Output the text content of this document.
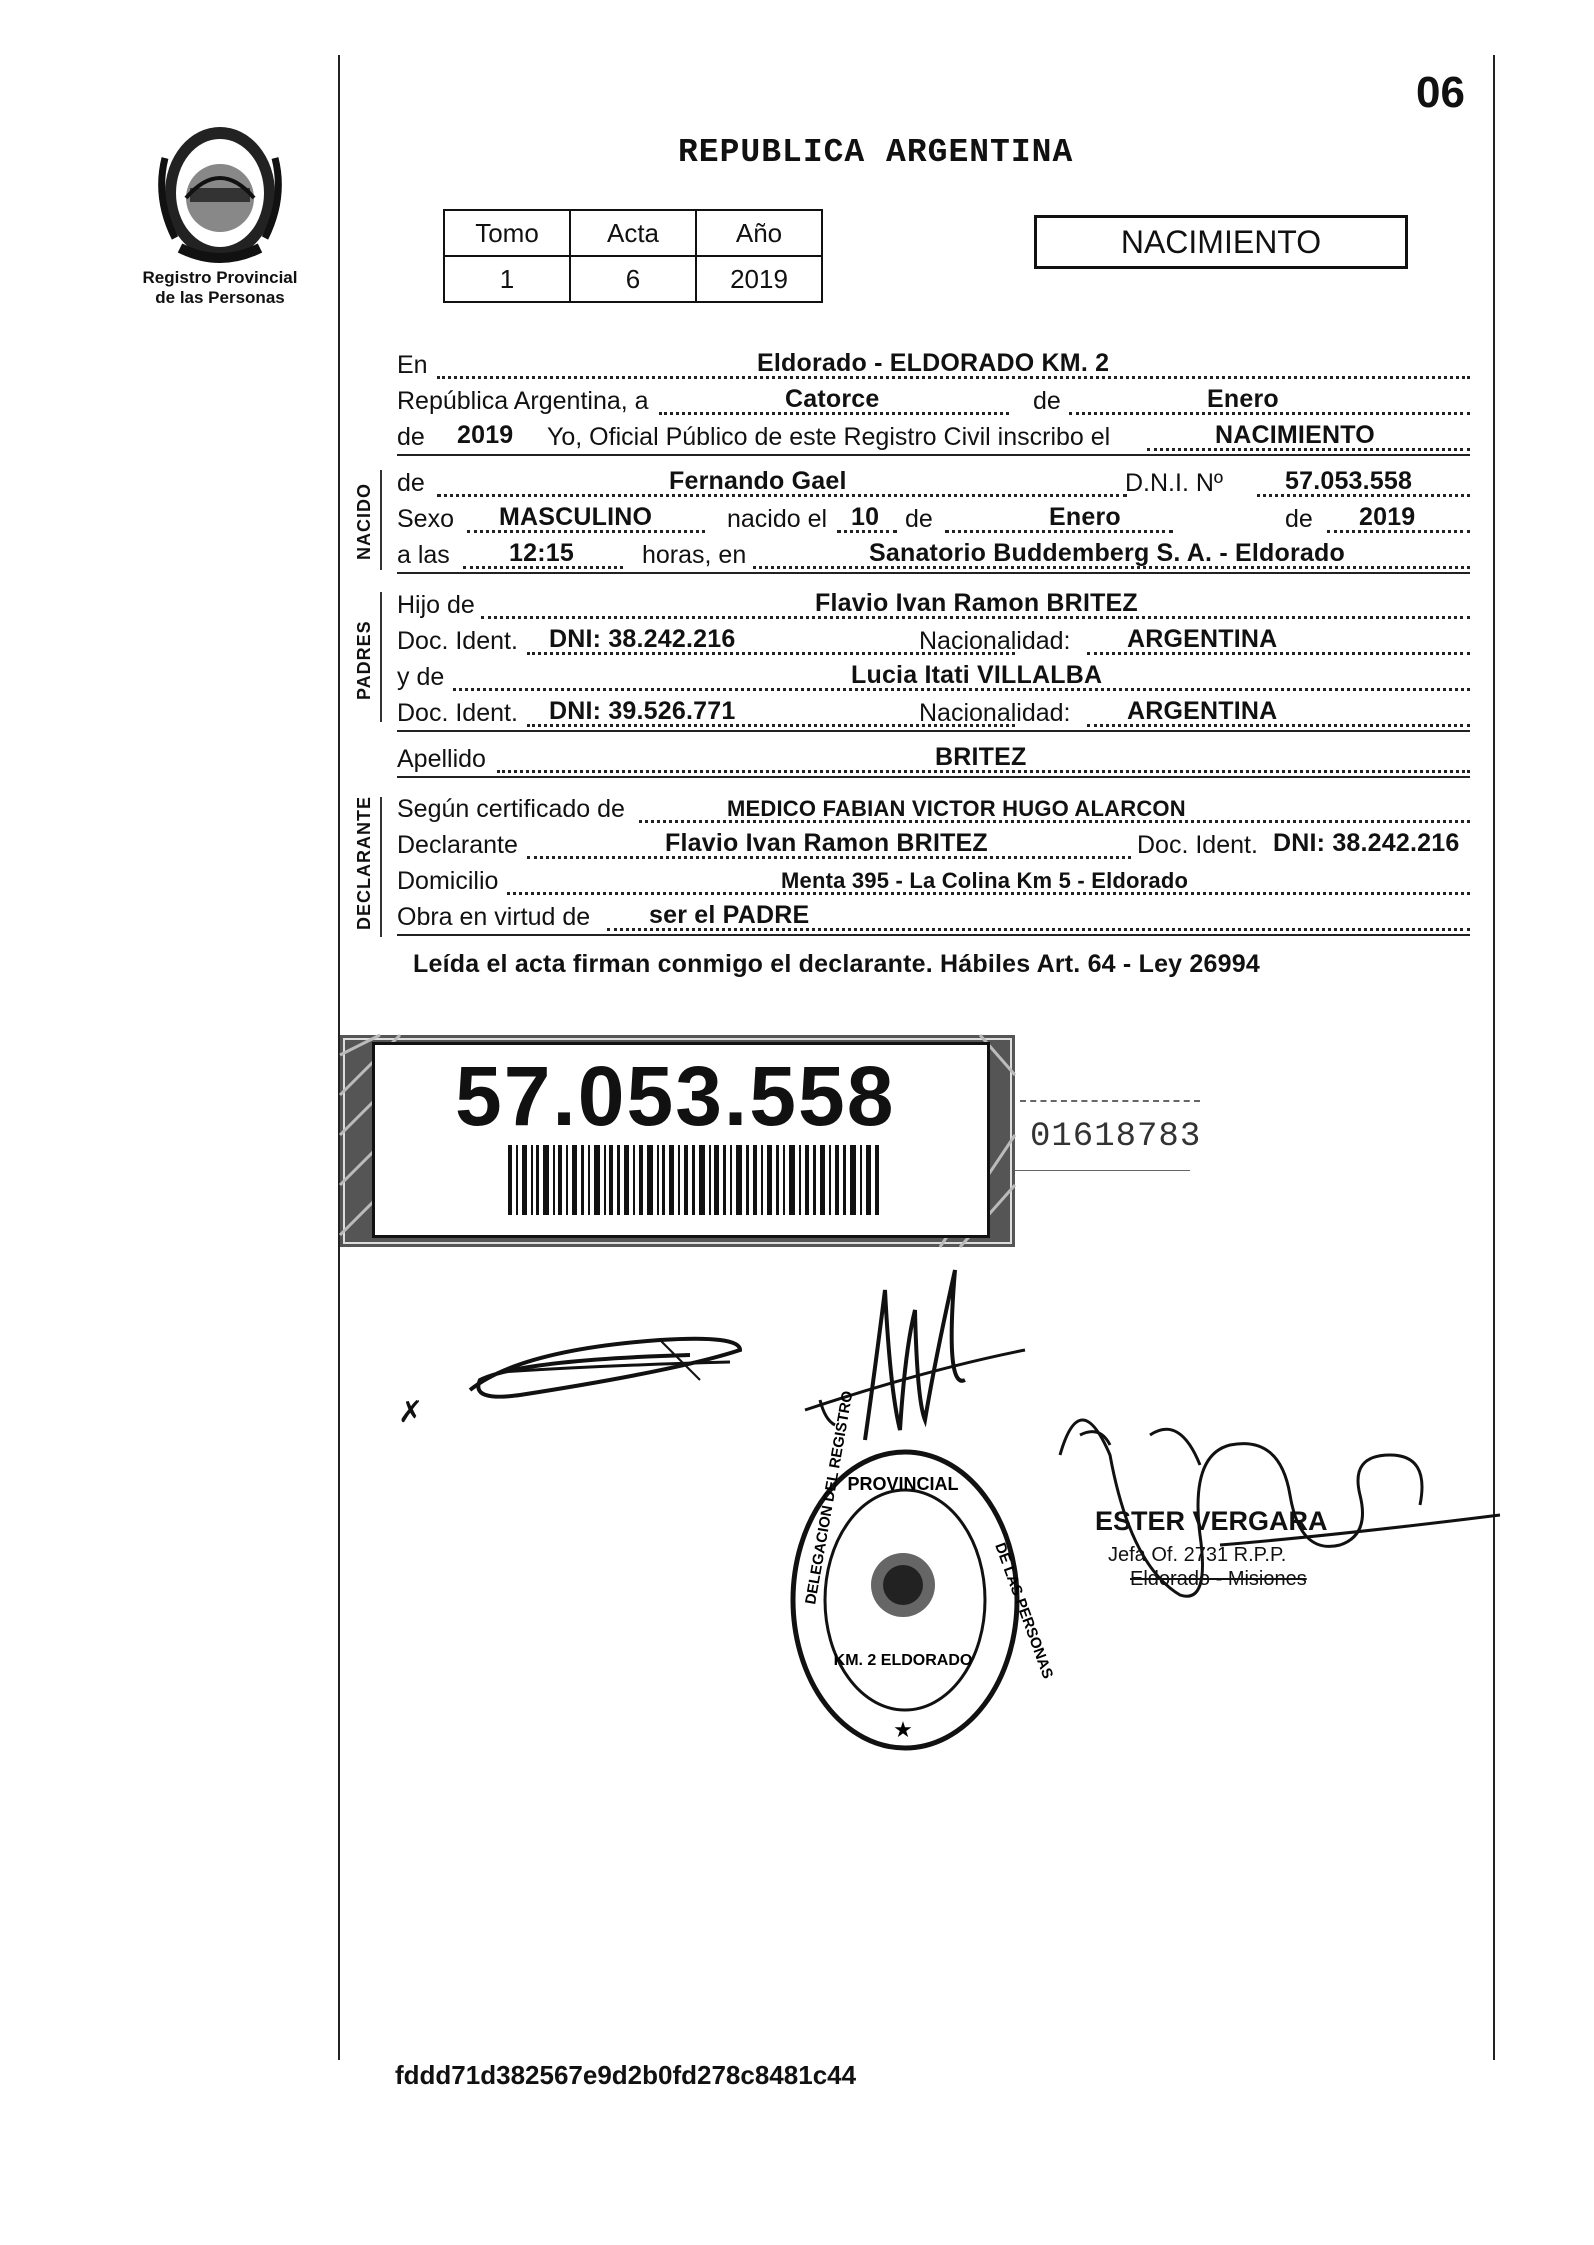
06
Registro Provincial
de las Personas
REPUBLICA ARGENTINA
Tomo	Acta	Año
1	6	2019
NACIMIENTO
NACIDO
PADRES
DECLARANTE
En	Eldorado - ELDORADO KM. 2
República Argentina, a	Catorce	de	Enero
de 2019 Yo, Oficial Público de este Registro Civil inscribo el	NACIMIENTO
de	Fernando Gael	D.N.I. Nº 57.053.558
Sexo MASCULINO	nacido el 10 de	Enero	de 2019
a las 12:15	horas, en	Sanatorio Buddemberg S. A. - Eldorado
Hijo de	Flavio Ivan Ramon BRITEZ
Doc. Ident. DNI: 38.242.216	Nacionalidad: ARGENTINA
y de	Lucia Itati VILLALBA
Doc. Ident. DNI: 39.526.771	Nacionalidad: ARGENTINA
Apellido	BRITEZ
Según certificado de	MEDICO FABIAN VICTOR HUGO ALARCON
Declarante	Flavio Ivan Ramon BRITEZ	Doc. Ident. DNI: 38.242.216
Domicilio	Menta 395 - La Colina Km 5 - Eldorado
Obra en virtud de ser el PADRE
Leída el acta firman conmigo el declarante. Hábiles Art. 64 - Ley 26994
57.053.558	01618783
✗
PROVINCIAL
DELEGACION DEL REGISTRO
DE LAS PERSONAS
KM. 2 ELDORADO
★
ESTER VERGARA
Jefa Of. 2731 R.P.P.
Eldorado - Misiones
fddd71d382567e9d2b0fd278c8481c44
